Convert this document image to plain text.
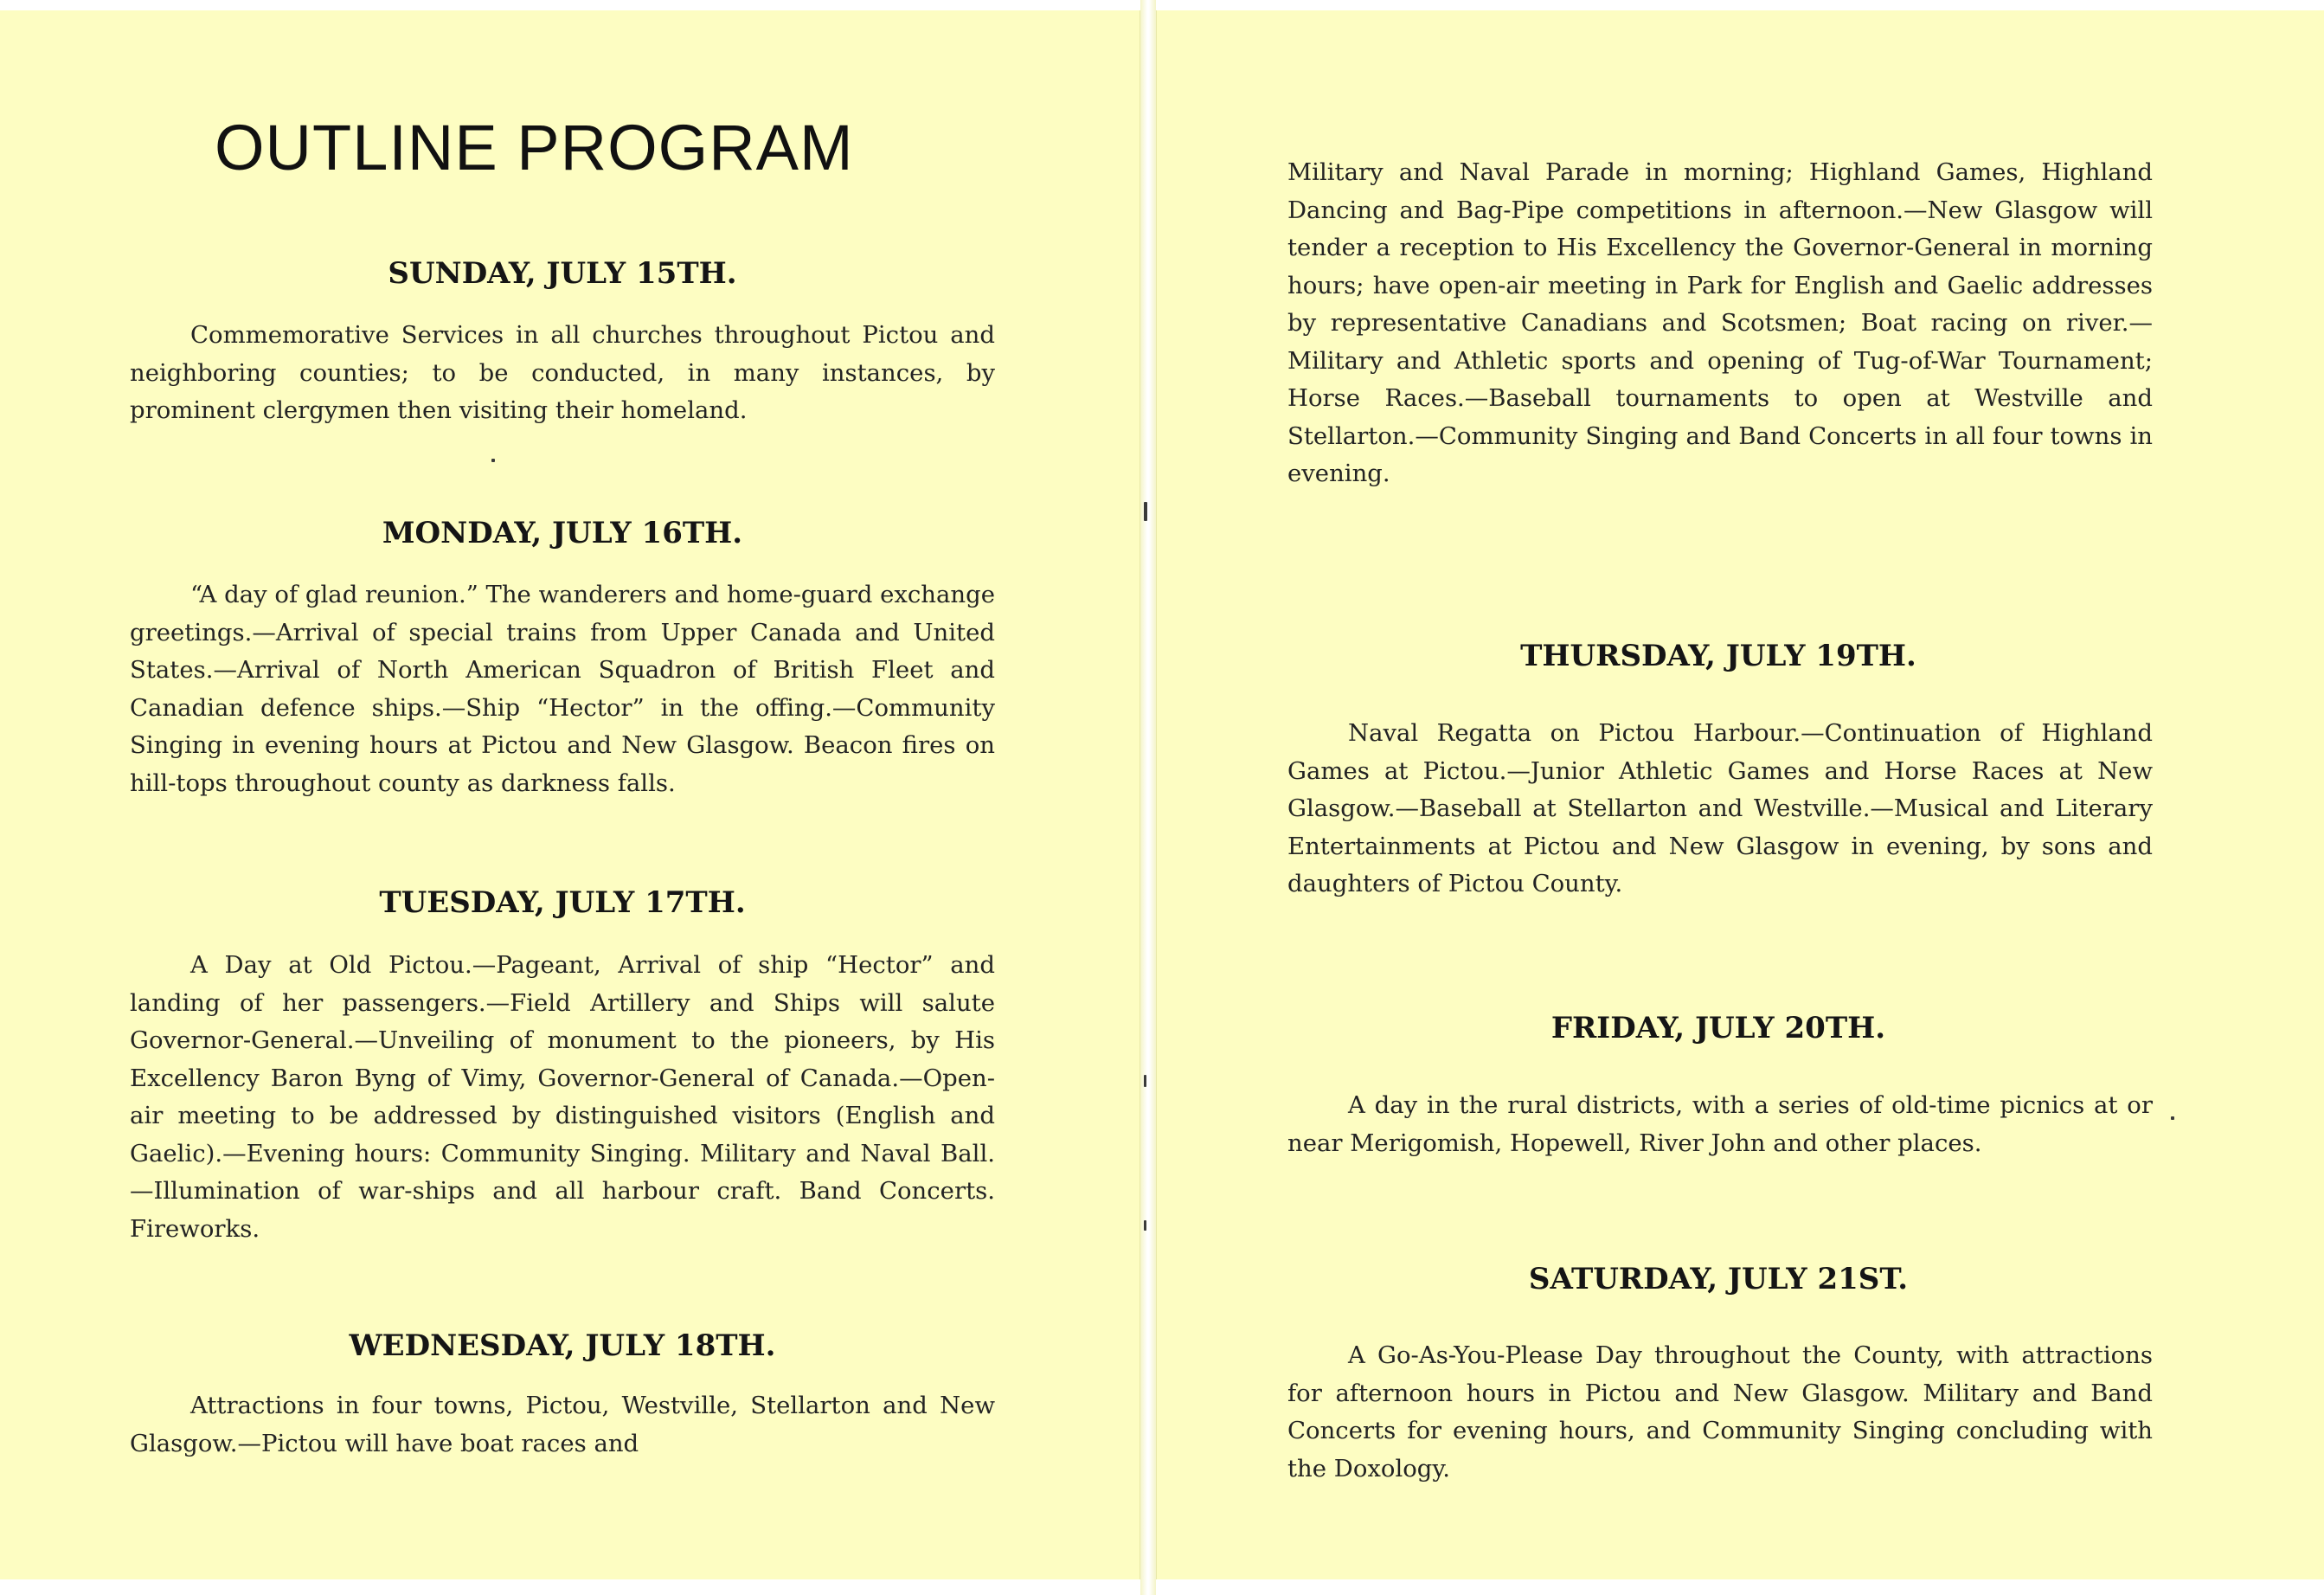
OUTLINE PROGRAM
SUNDAY, JULY 15TH.

Commemorative Services in all churches throughout Pictou and neighboring counties; to be conducted, in many instances, by prominent clergymen then visiting their homeland.

MONDAY, JULY 16TH.

“A day of glad reunion.” The wanderers and home-guard exchange greetings.—Arrival of special trains from Upper Canada and United States.—Arrival of North American Squadron of British Fleet and Canadian defence ships.—Ship “Hector” in the offing.—Community Singing in evening hours at Pictou and New Glasgow. Beacon fires on hill-tops throughout county as darkness falls.

TUESDAY, JULY 17TH.

A Day at Old Pictou.—Pageant, Arrival of ship “Hector” and landing of her passengers.—Field Artillery and Ships will salute Governor-General.—Unveiling of monument to the pioneers, by His Excellency Baron Byng of Vimy, Governor-General of Canada.—Open-air meeting to be addressed by distinguished visitors (English and Gaelic).—Evening hours: Community Singing. Military and Naval Ball.—Illumination of war-ships and all harbour craft. Band Concerts. Fireworks.

WEDNESDAY, JULY 18TH.

Attractions in four towns, Pictou, Westville, Stellarton and New Glasgow.—Pictou will have boat races and

Military and Naval Parade in morning; Highland Games, Highland Dancing and Bag-Pipe competitions in afternoon.—New Glasgow will tender a reception to His Excellency the Governor-General in morning hours; have open-air meeting in Park for English and Gaelic addresses by representative Canadians and Scotsmen; Boat racing on river.—Military and Athletic sports and opening of Tug-of-War Tournament; Horse Races.—Baseball tournaments to open at Westville and Stellarton.—Community Singing and Band Concerts in all four towns in evening.

THURSDAY, JULY 19TH.

Naval Regatta on Pictou Harbour.—Continuation of Highland Games at Pictou.—Junior Athletic Games and Horse Races at New Glasgow.—Baseball at Stellarton and Westville.—Musical and Literary Entertainments at Pictou and New Glasgow in evening, by sons and daughters of Pictou County.

FRIDAY, JULY 20TH.

A day in the rural districts, with a series of old-time picnics at or near Merigomish, Hopewell, River John and other places.

SATURDAY, JULY 21ST.

A Go-As-You-Please Day throughout the County, with attractions for afternoon hours in Pictou and New Glasgow. Military and Band Concerts for evening hours, and Community Singing concluding with the Doxology.
